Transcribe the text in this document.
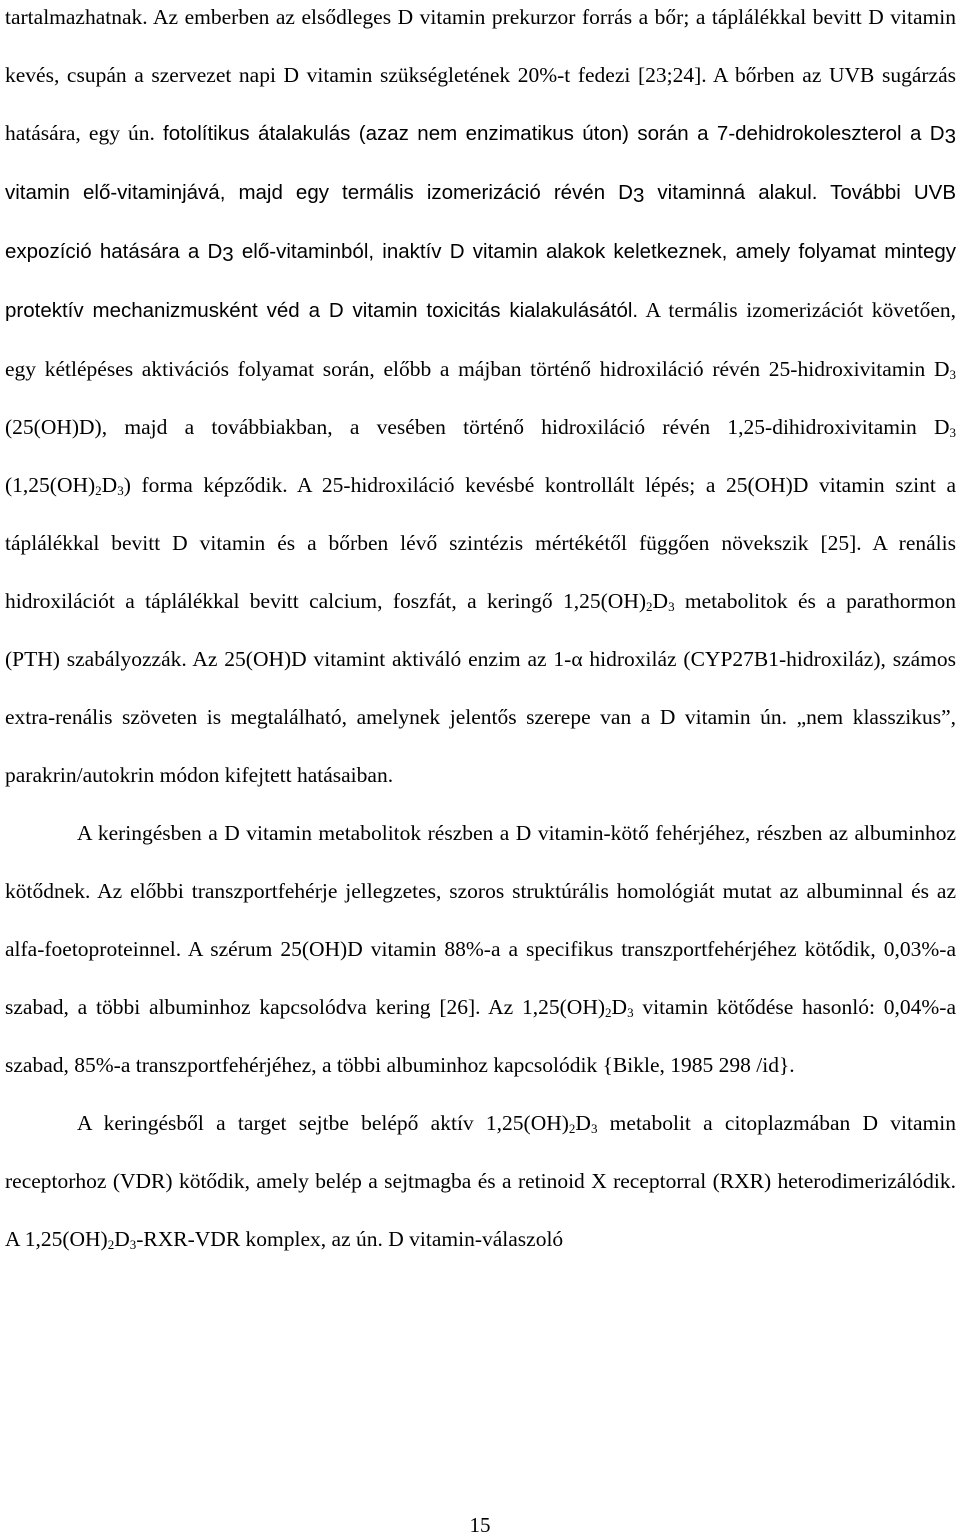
tartalmazhatnak. Az emberben az elsődleges D vitamin prekurzor forrás a bőr; a táplálékkal bevitt D vitamin kevés, csupán a szervezet napi D vitamin szükségletének 20%-t fedezi [23;24]. A bőrben az UVB sugárzás hatására, egy ún. fotolítikus átalakulás (azaz nem enzimatikus úton) során a 7-dehidrokoleszterol a $D_3$ vitamin elő-vitaminjává, majd egy termális izomerizáció révén $D_3$ vitaminná alakul. További UVB expozíció hatására a $D_3$ elő-vitaminból, inaktív D vitamin alakok keletkeznek, amely folyamat mintegy protektív mechanizmusként véd a D vitamin toxicitás kialakulásától. A termális izomerizációt követően, egy kétlépéses aktivációs folyamat során, előbb a májban történő hidroxiláció révén 25-hidroxivitamin $D_3$ (25(OH)D), majd a továbbiakban, a vesében történő hidroxiláció révén 1,25-dihidroxivitamin $D_3$ $(1,25(OH)_2D_3)$ forma képződik. A 25-hidroxiláció kevésbé kontrollált lépés; a 25(OH)D vitamin szint a táplálékkal bevitt D vitamin és a bőrben lévő szintézis mértékétől függően növekszik [25]. A renális hidroxilációt a táplálékkal bevitt calcium, foszfát, a keringő $1,25(OH)_2D_3$ metabolitok és a parathormon (PTH) szabályozzák. Az 25(OH)D vitamint aktiváló enzim az 1-α hidroxiláz (CYP27B1-hidroxiláz), számos extra-renális szöveten is megtalálható, amelynek jelentős szerepe van a D vitamin ún. „nem klasszikus”, parakrin/autokrin módon kifejtett hatásaiban.

A keringésben a D vitamin metabolitok részben a D vitamin-kötő fehérjéhez, részben az albuminhoz kötődnek. Az előbbi transzportfehérje jellegzetes, szoros struktúrális homológiát mutat az albuminnal és az alfa-foetoproteinnel. A szérum 25(OH)D vitamin 88%-a a specifikus transzportfehérjéhez kötődik, 0,03%-a szabad, a többi albuminhoz kapcsolódva kering [26]. Az $1,25(OH)_2D_3$ vitamin kötődése hasonló: 0,04%-a szabad, 85%-a transzportfehérjéhez, a többi albuminhoz kapcsolódik {Bikle, 1985 298 /id}.

A keringésből a target sejtbe belépő aktív $1,25(OH)_2D_3$ metabolit a citoplazmában D vitamin receptorhoz (VDR) kötődik, amely belép a sejtmagba és a retinoid X receptorral (RXR) heterodimerizálódik. A $1,25(OH)_2D_3-RXR$-VDR komplex, az ún. D vitamin-válaszoló

15
